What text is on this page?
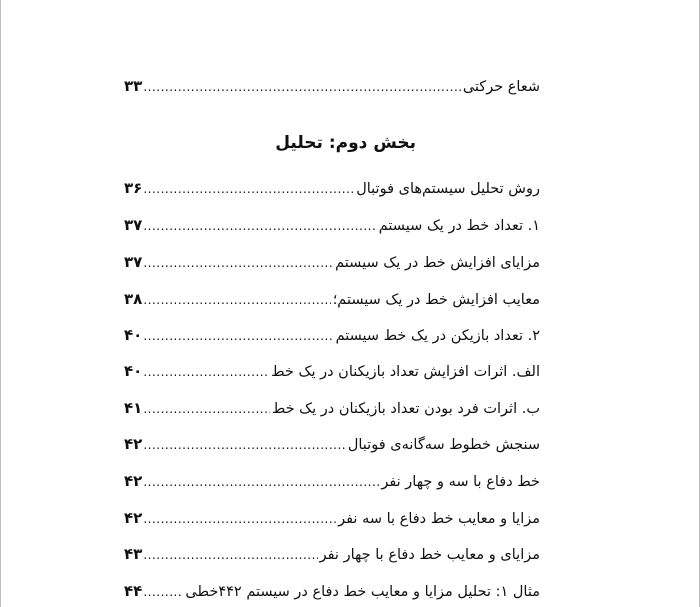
شعاع حرکتی
.....
۳۳
بخش دوم: تحلیل
روش تحلیل سیستم‌های فوتبال
.....
۳۶
۱. تعداد خط در یک سیستم
.....
۳۷
مزایای افزایش خط در یک سیستم
.....
۳۷
معایب افزایش خط در یک سیستم؛
.....
۳۸
۲. تعداد بازیکن در یک خط سیستم
.....
۴۰
الف. اثرات افزایش تعداد بازیکنان در یک خط
.....
۴۰
ب. اثرات فرد بودن تعداد بازیکنان در یک خط
.....
۴۱
سنجش خطوط سه‌گانه‌ی فوتبال
.....
۴۲
خط دفاع با سه و چهار نفر
.....
۴۲
مزایا و معایب خط دفاع با سه نفر
.....
۴۲
مزایای و معایب خط دفاع با چهار نفر
.....
۴۳
مثال ۱: تحلیل مزایا و معایب خط دفاع در سیستم ۴۴۲خطی
.....
۴۴
